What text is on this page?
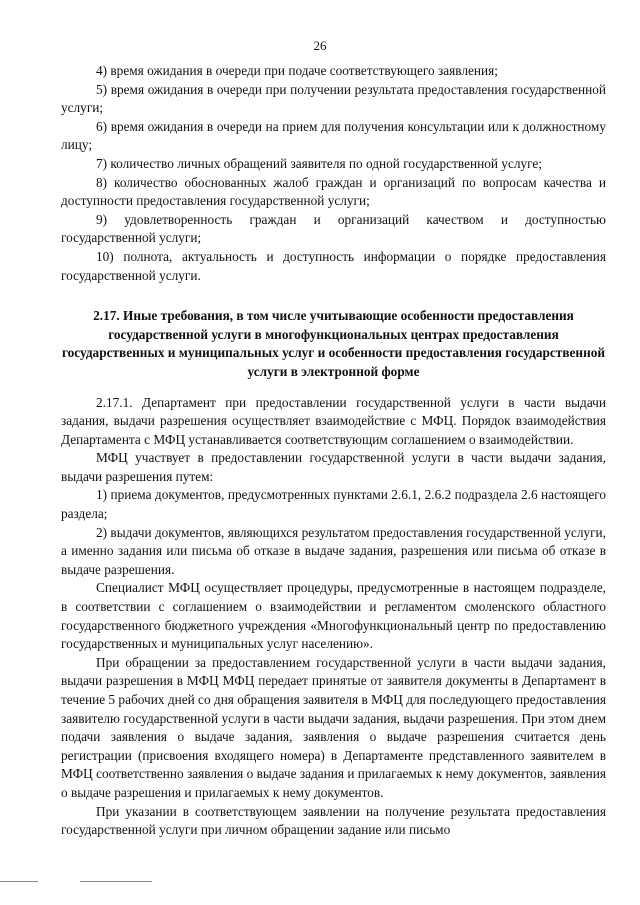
26

4) время ожидания в очереди при подаче соответствующего заявления;

5) время ожидания в очереди при получении результата предоставления государственной услуги;

6) время ожидания в очереди на прием для получения консультации или к должностному лицу;

7) количество личных обращений заявителя по одной государственной услуге;

8) количество обоснованных жалоб граждан и организаций по вопросам качества и доступности предоставления государственной услуги;

9) удовлетворенность граждан и организаций качеством и доступностью государственной услуги;

10) полнота, актуальность и доступность информации о порядке предоставления государственной услуги.

2.17. Иные требования, в том числе учитывающие особенности предоставления государственной услуги в многофункциональных центрах предоставления государственных и муниципальных услуг и особенности предоставления государственной услуги в электронной форме

2.17.1. Департамент при предоставлении государственной услуги в части выдачи задания, выдачи разрешения осуществляет взаимодействие с МФЦ. Порядок взаимодействия Департамента с МФЦ устанавливается соответствующим соглашением о взаимодействии.

МФЦ участвует в предоставлении государственной услуги в части выдачи задания, выдачи разрешения путем:

1) приема документов, предусмотренных пунктами 2.6.1, 2.6.2 подраздела 2.6 настоящего раздела;

2) выдачи документов, являющихся результатом предоставления государственной услуги, а именно задания или письма об отказе в выдаче задания, разрешения или письма об отказе в выдаче разрешения.

Специалист МФЦ осуществляет процедуры, предусмотренные в настоящем подразделе, в соответствии с соглашением о взаимодействии и регламентом смоленского областного государственного бюджетного учреждения «Многофункциональный центр по предоставлению государственных и муниципальных услуг населению».

При обращении за предоставлением государственной услуги в части выдачи задания, выдачи разрешения в МФЦ МФЦ передает принятые от заявителя документы в Департамент в течение 5 рабочих дней со дня обращения заявителя в МФЦ для последующего предоставления заявителю государственной услуги в части выдачи задания, выдачи разрешения. При этом днем подачи заявления о выдаче задания, заявления о выдаче разрешения считается день регистрации (присвоения входящего номера) в Департаменте представленного заявителем в МФЦ соответственно заявления о выдаче задания и прилагаемых к нему документов, заявления о выдаче разрешения и прилагаемых к нему документов.

При указании в соответствующем заявлении на получение результата предоставления государственной услуги при личном обращении задание или письмо
